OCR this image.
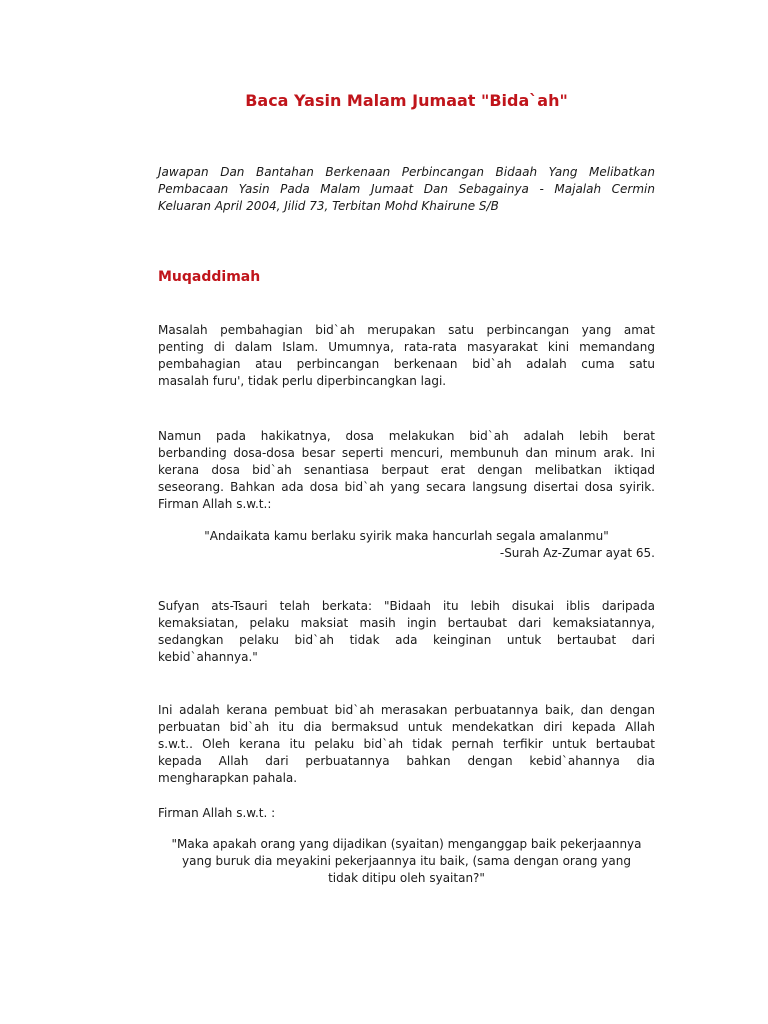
Baca Yasin Malam Jumaat "Bida`ah"
Jawapan Dan Bantahan Berkenaan Perbincangan Bidaah Yang Melibatkan
Pembacaan Yasin Pada Malam Jumaat Dan Sebagainya - Majalah Cermin
Keluaran April 2004, Jilid 73, Terbitan Mohd Khairune S/B
Muqaddimah
Masalah pembahagian bid`ah merupakan satu perbincangan yang amat
penting di dalam Islam. Umumnya, rata-rata masyarakat kini memandang
pembahagian atau perbincangan berkenaan bid`ah adalah cuma satu
masalah furu', tidak perlu diperbincangkan lagi.
Namun pada hakikatnya, dosa melakukan bid`ah adalah lebih berat
berbanding dosa-dosa besar seperti mencuri, membunuh dan minum arak. Ini
kerana dosa bid`ah senantiasa berpaut erat dengan melibatkan iktiqad
seseorang. Bahkan ada dosa bid`ah yang secara langsung disertai dosa syirik.
Firman Allah s.w.t.:
"Andaikata kamu berlaku syirik maka hancurlah segala amalanmu"
-Surah Az-Zumar ayat 65.
Sufyan ats-Tsauri telah berkata: "Bidaah itu lebih disukai iblis daripada
kemaksiatan, pelaku maksiat masih ingin bertaubat dari kemaksiatannya,
sedangkan pelaku bid`ah tidak ada keinginan untuk bertaubat dari
kebid`ahannya."
Ini adalah kerana pembuat bid`ah merasakan perbuatannya baik, dan dengan
perbuatan bid`ah itu dia bermaksud untuk mendekatkan diri kepada Allah
s.w.t.. Oleh kerana itu pelaku bid`ah tidak pernah terfikir untuk bertaubat
kepada Allah dari perbuatannya bahkan dengan kebid`ahannya dia
mengharapkan pahala.
Firman Allah s.w.t. :
"Maka apakah orang yang dijadikan (syaitan) menganggap baik pekerjaannya
yang buruk dia meyakini pekerjaannya itu baik, (sama dengan orang yang
tidak ditipu oleh syaitan?"
